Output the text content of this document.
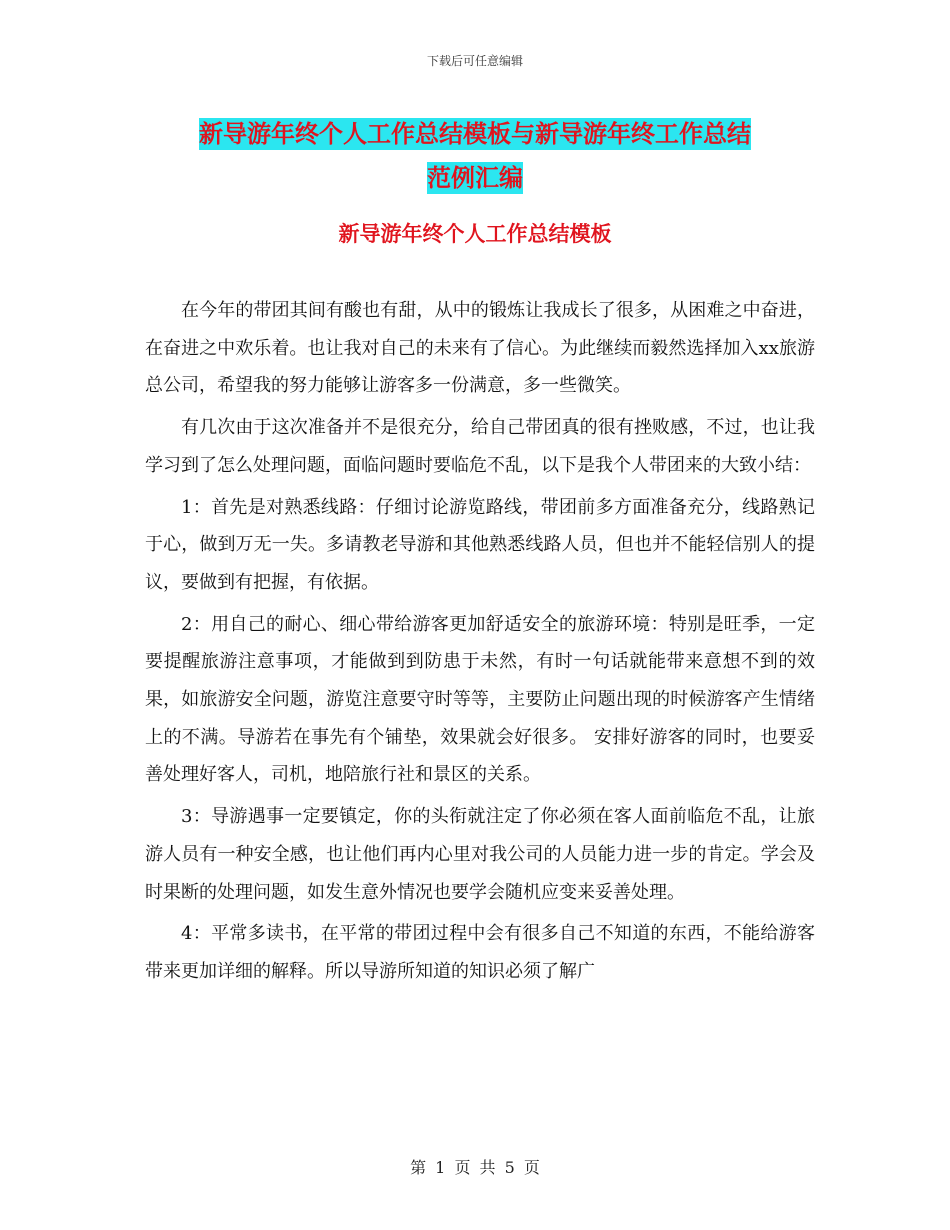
下载后可任意编辑
新导游年终个人工作总结模板与新导游年终工作总结
范例汇编
新导游年终个人工作总结模板

在今年的带团其间有酸也有甜，从中的锻炼让我成长了很多，从困难之中奋进，在奋进之中欢乐着。也让我对自己的未来有了信心。为此继续而毅然选择加入xx旅游总公司，希望我的努力能够让游客多一份满意，多一些微笑。

有几次由于这次准备并不是很充分，给自己带团真的很有挫败感，不过，也让我学习到了怎么处理问题，面临问题时要临危不乱，以下是我个人带团来的大致小结：

1：首先是对熟悉线路：仔细讨论游览路线，带团前多方面准备充分，线路熟记于心，做到万无一失。多请教老导游和其他熟悉线路人员，但也并不能轻信别人的提议，要做到有把握，有依据。

2：用自己的耐心、细心带给游客更加舒适安全的旅游环境：特别是旺季，一定要提醒旅游注意事项，才能做到到防患于未然，有时一句话就能带来意想不到的效果，如旅游安全问题，游览注意要守时等等，主要防止问题出现的时候游客产生情绪上的不满。导游若在事先有个铺垫，效果就会好很多。 安排好游客的同时，也要妥善处理好客人，司机，地陪旅行社和景区的关系。

3：导游遇事一定要镇定，你的头衔就注定了你必须在客人面前临危不乱，让旅游人员有一种安全感，也让他们再内心里对我公司的人员能力进一步的肯定。学会及时果断的处理问题，如发生意外情况也要学会随机应变来妥善处理。

4：平常多读书，在平常的带团过程中会有很多自己不知道的东西，不能给游客带来更加详细的解释。所以导游所知道的知识必须了解广

第 1 页 共 5 页
